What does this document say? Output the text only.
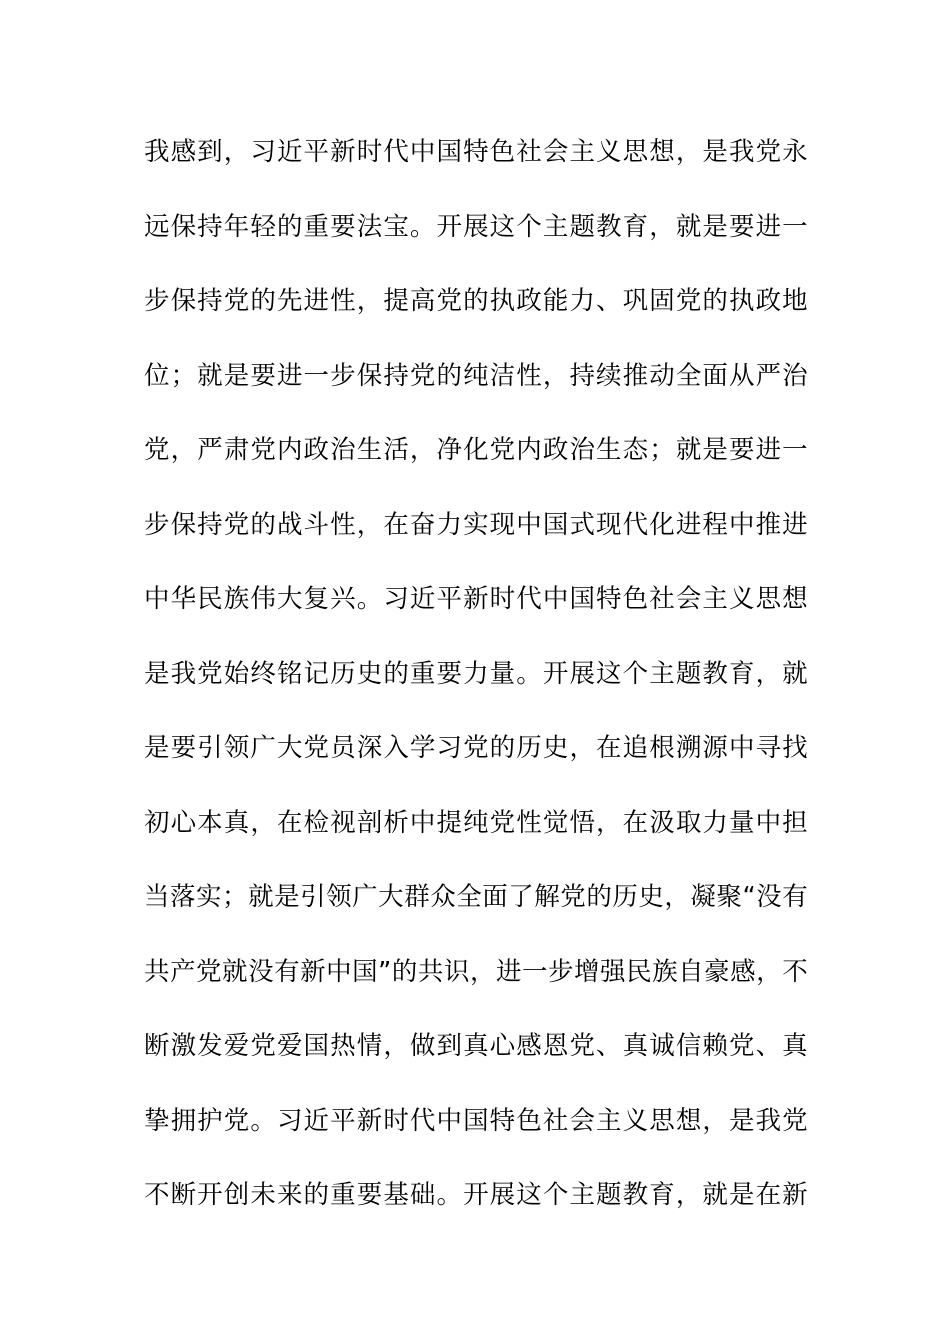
我感到，习近平新时代中国特色社会主义思想，是我党永
远保持年轻的重要法宝。开展这个主题教育，就是要进一
步保持党的先进性，提高党的执政能力、巩固党的执政地
位；就是要进一步保持党的纯洁性，持续推动全面从严治
党，严肃党内政治生活，净化党内政治生态；就是要进一
步保持党的战斗性，在奋力实现中国式现代化进程中推进
中华民族伟大复兴。习近平新时代中国特色社会主义思想
是我党始终铭记历史的重要力量。开展这个主题教育，就
是要引领广大党员深入学习党的历史，在追根溯源中寻找
初心本真，在检视剖析中提纯党性觉悟，在汲取力量中担
当落实；就是引领广大群众全面了解党的历史，凝聚“没有
共产党就没有新中国”的共识，进一步增强民族自豪感，不
断激发爱党爱国热情，做到真心感恩党、真诚信赖党、真
挚拥护党。习近平新时代中国特色社会主义思想，是我党
不断开创未来的重要基础。开展这个主题教育，就是在新
